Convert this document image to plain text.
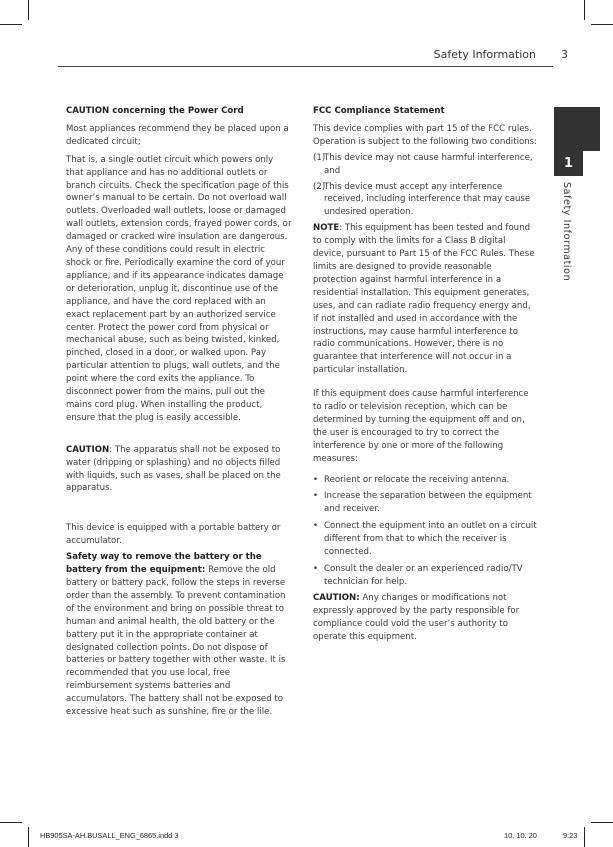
Safety Information 3
1
Safety Information

CAUTION concerning the Power Cord

Most appliances recommend they be placed upon a dedicated circuit;

That is, a single outlet circuit which powers only that appliance and has no additional outlets or branch circuits. Check the specification page of this owner’s manual to be certain. Do not overload wall outlets. Overloaded wall outlets, loose or damaged wall outlets, extension cords, frayed power cords, or damaged or cracked wire insulation are dangerous. Any of these conditions could result in electric shock or fire. Periodically examine the cord of your appliance, and if its appearance indicates damage or deterioration, unplug it, discontinue use of the appliance, and have the cord replaced with an exact replacement part by an authorized service center. Protect the power cord from physical or mechanical abuse, such as being twisted, kinked, pinched, closed in a door, or walked upon. Pay particular attention to plugs, wall outlets, and the point where the cord exits the appliance. To disconnect power from the mains, pull out the mains cord plug. When installing the product, ensure that the plug is easily accessible.

CAUTION: The apparatus shall not be exposed to water (dripping or splashing) and no objects filled with liquids, such as vases, shall be placed on the apparatus.

This device is equipped with a portable battery or accumulator.

Safety way to remove the battery or the battery from the equipment: Remove the old battery or battery pack, follow the steps in reverse order than the assembly. To prevent contamination of the environment and bring on possible threat to human and animal health, the old battery or the battery put it in the appropriate container at designated collection points. Do not dispose of batteries or battery together with other waste. It is recommended that you use local, free reimbursement systems batteries and accumulators. The battery shall not be exposed to excessive heat such as sunshine, fire or the lile.

FCC Compliance Statement

This device complies with part 15 of the FCC rules. Operation is subject to the following two conditions:

(1)
This device may not cause harmful interference, and
(2)
This device must accept any interference received, including interference that may cause undesired operation.

NOTE: This equipment has been tested and found to comply with the limits for a Class B digital device, pursuant to Part 15 of the FCC Rules. These limits are designed to provide reasonable protection against harmful interference in a residential installation. This equipment generates, uses, and can radiate radio frequency energy and, if not installed and used in accordance with the instructions, may cause harmful interference to radio communications. However, there is no guarantee that interference will not occur in a particular installation.

If this equipment does cause harmful interference to radio or television reception, which can be determined by turning the equipment off and on, the user is encouraged to try to correct the interference by one or more of the following measures:

• Reorient or relocate the receiving antenna.
• Increase the separation between the equipment and receiver.
• Connect the equipment into an outlet on a circuit different from that to which the receiver is connected.
• Consult the dealer or an experienced radio/TV technician for help.

CAUTION: Any changes or modifications not expressly approved by the party responsible for compliance could void the user’s authority to operate this equipment.

HB905SA-AH.BUSALL_ENG_6865.indd 3	10. 10. 20	9:23
